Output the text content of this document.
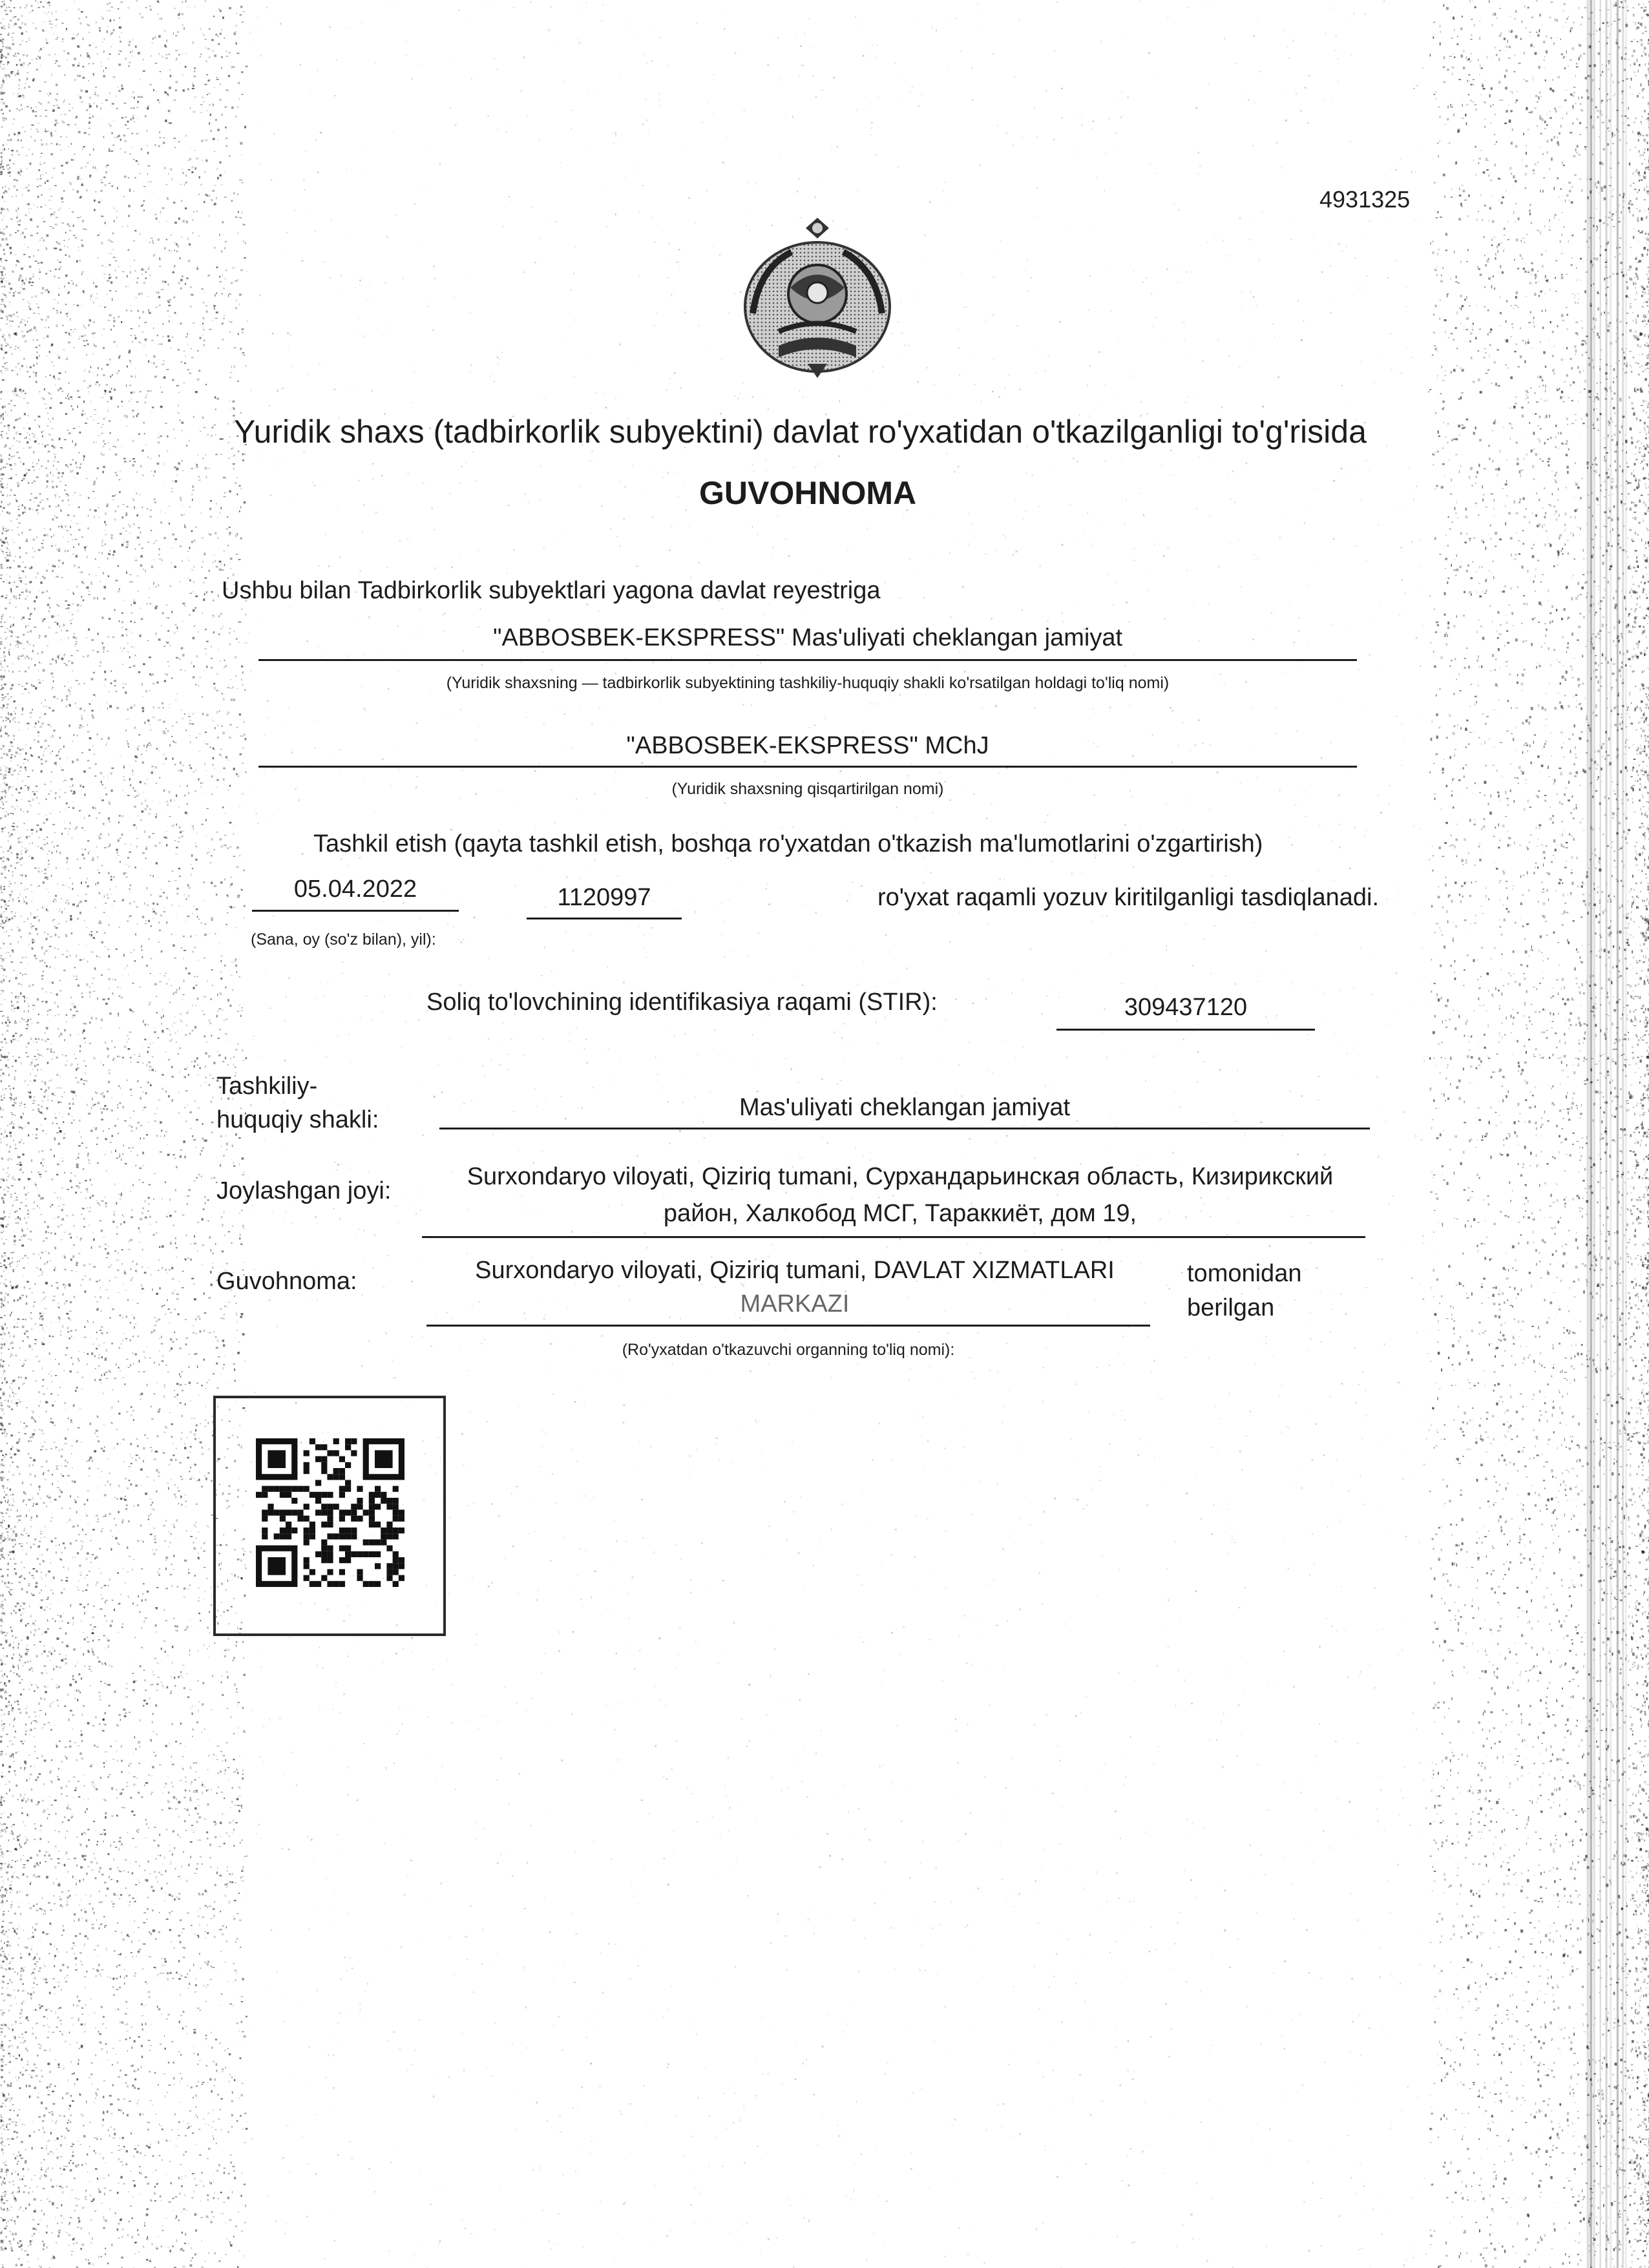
4931325
Yuridik shaxs (tadbirkorlik subyektini) davlat ro'yxatidan o'tkazilganligi to'g'risida
GUVOHNOMA
Ushbu bilan Tadbirkorlik subyektlari yagona davlat reyestriga
"ABBOSBEK-EKSPRESS" Mas'uliyati cheklangan jamiyat
(Yuridik shaxsning — tadbirkorlik subyektining tashkiliy-huquqiy shakli ko'rsatilgan holdagi to'liq nomi)
"ABBOSBEK-EKSPRESS" MChJ
(Yuridik shaxsning qisqartirilgan nomi)
Tashkil etish (qayta tashkil etish, boshqa ro'yxatdan o'tkazish ma'lumotlarini o'zgartirish)
05.04.2022	1120997	ro'yxat raqamli yozuv kiritilganligi tasdiqlanadi.
(Sana, oy (so'z bilan), yil):
Soliq to'lovchining identifikasiya raqami (STIR):	309437120
Tashkiliy-
huquqiy shakli:	Mas'uliyati cheklangan jamiyat
Joylashgan joyi:
Surxondaryo viloyati, Qiziriq tumani, Сурхандарьинская область, Кизирикский
район, Халкобод МСГ, Тараккиёт, дом 19,
Guvohnoma:	Surxondaryo viloyati, Qiziriq tumani, DAVLAT XIZMATLARI
MARKAZI
tomonidan
berilgan
(Ro'yxatdan o'tkazuvchi organning to'liq nomi):
